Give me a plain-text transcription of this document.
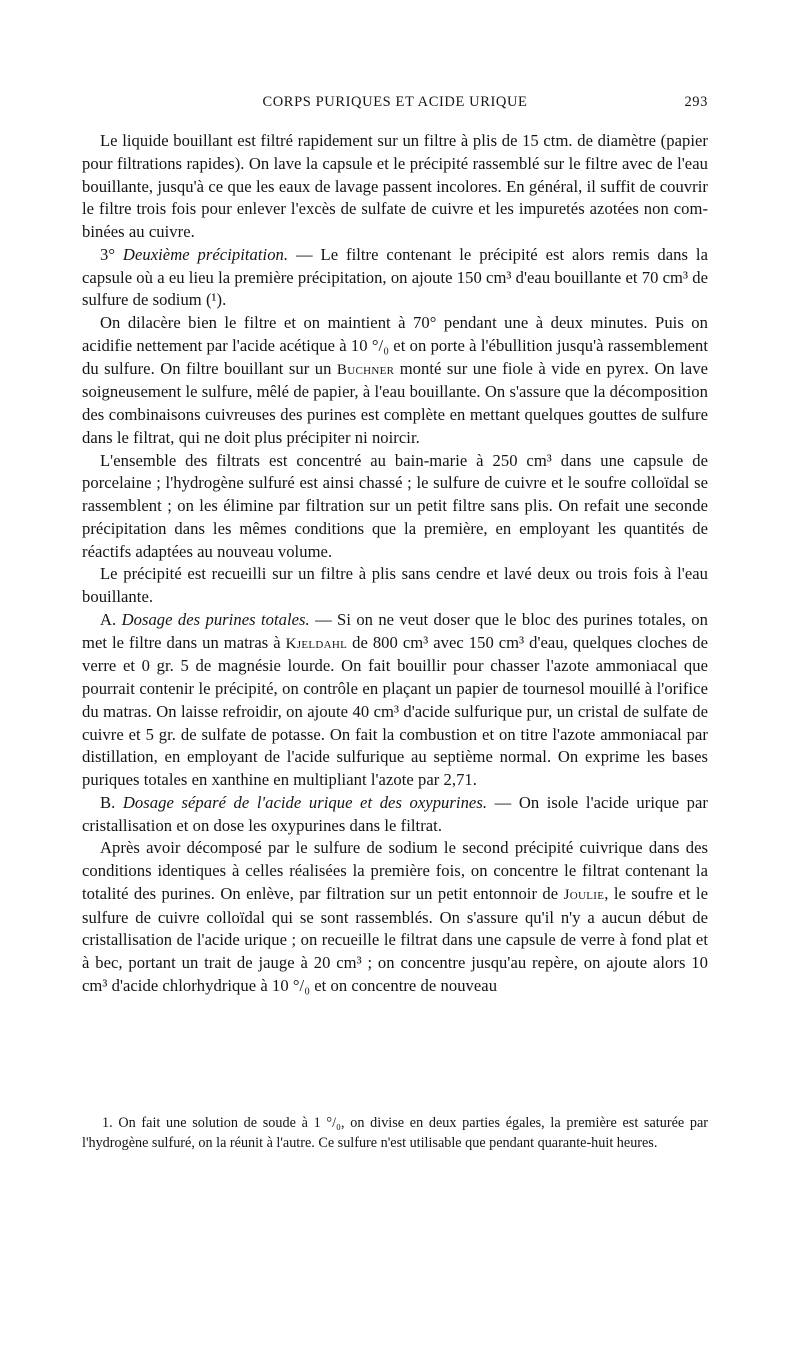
CORPS PURIQUES ET ACIDE URIQUE	293

Le liquide bouillant est filtré rapidement sur un filtre à plis de 15 ctm. de diamètre (papier pour filtrations rapides). On lave la capsule et le précipité rassemblé sur le filtre avec de l'eau bouillante, jusqu'à ce que les eaux de lavage passent incolores. En général, il suffit de couvrir le filtre trois fois pour enlever l'excès de sulfate de cuivre et les impuretés azotées non combinées au cuivre.

3° Deuxième précipitation. — Le filtre contenant le précipité est alors remis dans la capsule où a eu lieu la première précipitation, on ajoute 150 cm³ d'eau bouillante et 70 cm³ de sulfure de sodium (¹).

On dilacère bien le filtre et on maintient à 70° pendant une à deux minutes. Puis on acidifie nettement par l'acide acétique à 10 °/₀ et on porte à l'ébullition jusqu'à rassemblement du sulfure. On filtre bouillant sur un Buchner monté sur une fiole à vide en pyrex. On lave soigneusement le sulfure, mêlé de papier, à l'eau bouillante. On s'assure que la décomposition des combinaisons cuivreuses des purines est complète en mettant quelques gouttes de sulfure dans le filtrat, qui ne doit plus précipiter ni noircir.

L'ensemble des filtrats est concentré au bain-marie à 250 cm³ dans une capsule de porcelaine ; l'hydrogène sulfuré est ainsi chassé ; le sulfure de cuivre et le soufre colloïdal se rassemblent ; on les élimine par filtration sur un petit filtre sans plis. On refait une seconde précipitation dans les mêmes conditions que la première, en employant les quantités de réactifs adaptées au nouveau volume.

Le précipité est recueilli sur un filtre à plis sans cendre et lavé deux ou trois fois à l'eau bouillante.

A. Dosage des purines totales. — Si on ne veut doser que le bloc des purines totales, on met le filtre dans un matras à Kjeldahl de 800 cm³ avec 150 cm³ d'eau, quelques cloches de verre et 0 gr. 5 de magnésie lourde. On fait bouillir pour chasser l'azote ammoniacal que pourrait contenir le précipité, on contrôle en plaçant un papier de tournesol mouillé à l'orifice du matras. On laisse refroidir, on ajoute 40 cm³ d'acide sulfurique pur, un cristal de sulfate de cuivre et 5 gr. de sulfate de potasse. On fait la combustion et on titre l'azote ammoniacal par distillation, en employant de l'acide sulfurique au septième normal. On exprime les bases puriques totales en xanthine en multipliant l'azote par 2,71.

B. Dosage séparé de l'acide urique et des oxypurines. — On isole l'acide urique par cristallisation et on dose les oxypurines dans le filtrat.

Après avoir décomposé par le sulfure de sodium le second précipité cuivrique dans des conditions identiques à celles réalisées la première fois, on concentre le filtrat contenant la totalité des purines. On enlève, par filtration sur un petit entonnoir de Joulie, le soufre et le sulfure de cuivre colloïdal qui se sont rassemblés. On s'assure qu'il n'y a aucun début de cristallisation de l'acide urique ; on recueille le filtrat dans une capsule de verre à fond plat et à bec, portant un trait de jauge à 20 cm³ ; on concentre jusqu'au repère, on ajoute alors 10 cm³ d'acide chlorhydrique à 10 °/₀ et on concentre de nouveau

1. On fait une solution de soude à 1 °/₀, on divise en deux parties égales, la première est saturée par l'hydrogène sulfuré, on la réunit à l'autre. Ce sulfure n'est utilisable que pendant quarante-huit heures.
